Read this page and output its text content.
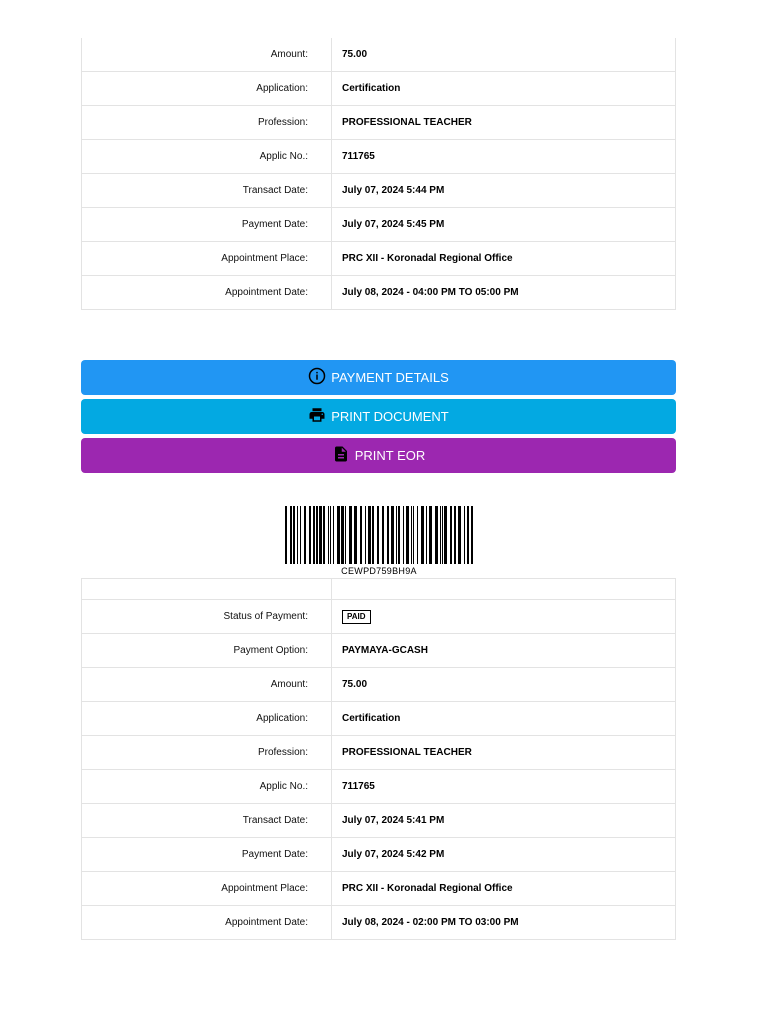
Amount:	75.00
Application:	Certification
Profession:	PROFESSIONAL TEACHER
Applic No.:	711765
Transact Date:	July 07, 2024 5:44 PM
Payment Date:	July 07, 2024 5:45 PM
Appointment Place:	PRC XII - Koronadal Regional Office
Appointment Date:	July 08, 2024 - 04:00 PM TO 05:00 PM
PAYMENT DETAILS
PRINT DOCUMENT
PRINT EOR
CEWPD759BH9A

Status of Payment:	PAID
Payment Option:	PAYMAYA-GCASH
Amount:	75.00
Application:	Certification
Profession:	PROFESSIONAL TEACHER
Applic No.:	711765
Transact Date:	July 07, 2024 5:41 PM
Payment Date:	July 07, 2024 5:42 PM
Appointment Place:	PRC XII - Koronadal Regional Office
Appointment Date:	July 08, 2024 - 02:00 PM TO 03:00 PM
